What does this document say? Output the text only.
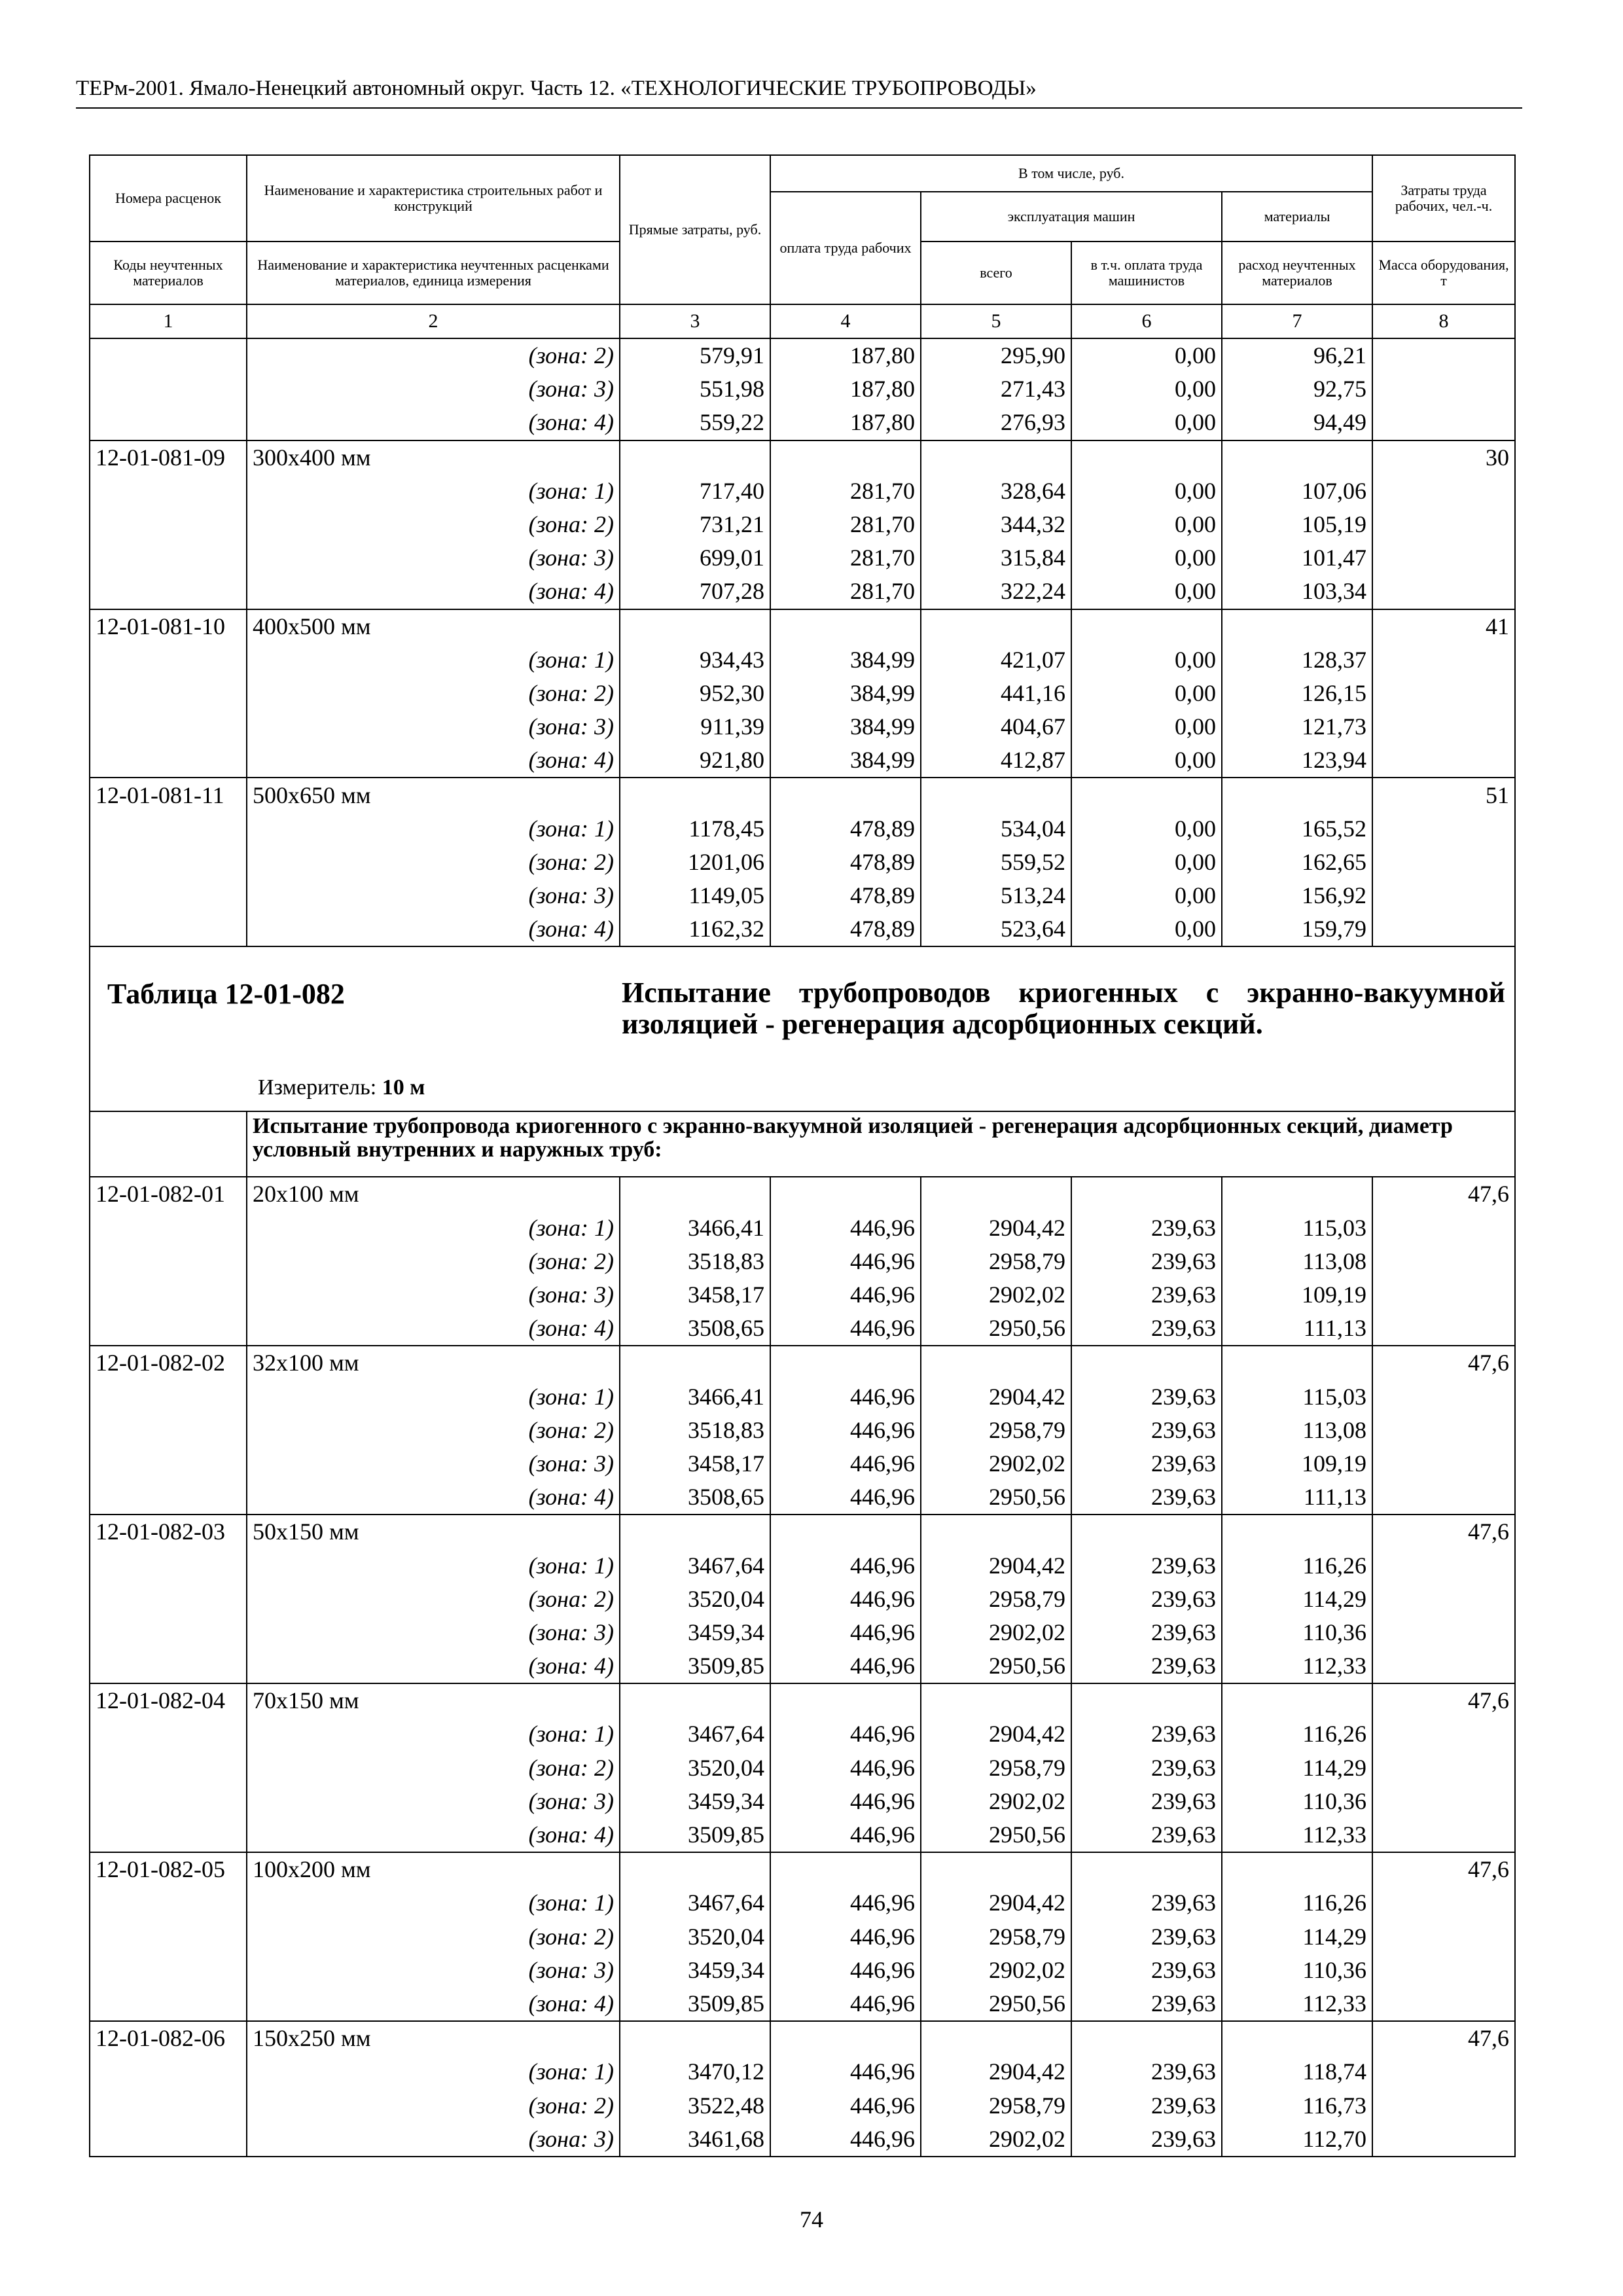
ТЕРм-2001. Ямало-Ненецкий автономный округ. Часть 12. «ТЕХНОЛОГИЧЕСКИЕ ТРУБОПРОВОДЫ»
Номера расценок	Наименование и характеристика строительных работ и конструкций	Прямые затраты, руб.	В том числе, руб.				Затраты труда рабочих, чел.-ч.
			оплата труда рабочих	эксплуатация машин		материалы	
Коды неучтенных материалов	Наименование и характеристика неучтенных расценками материалов, единица измерения			всего	в т.ч. оплата труда машинистов	расход неучтенных материалов	Масса оборудования, т
1	2	3	4	5	6	7	8
	(зона: 2)	579,91	187,80	295,90	0,00	96,21	
	(зона: 3)	551,98	187,80	271,43	0,00	92,75	
	(зона: 4)	559,22	187,80	276,93	0,00	94,49	
12-01-081-09	300x400 мм						30
	(зона: 1)	717,40	281,70	328,64	0,00	107,06	
	(зона: 2)	731,21	281,70	344,32	0,00	105,19	
	(зона: 3)	699,01	281,70	315,84	0,00	101,47	
	(зона: 4)	707,28	281,70	322,24	0,00	103,34	
12-01-081-10	400x500 мм						41
	(зона: 1)	934,43	384,99	421,07	0,00	128,37	
	(зона: 2)	952,30	384,99	441,16	0,00	126,15	
	(зона: 3)	911,39	384,99	404,67	0,00	121,73	
	(зона: 4)	921,80	384,99	412,87	0,00	123,94	
12-01-081-11	500x650 мм						51
	(зона: 1)	1178,45	478,89	534,04	0,00	165,52	
	(зона: 2)	1201,06	478,89	559,52	0,00	162,65	
	(зона: 3)	1149,05	478,89	513,24	0,00	156,92	
	(зона: 4)	1162,32	478,89	523,64	0,00	159,79	

Таблица 12-01-082 Испытание трубопроводов криогенных с экранно-вакуумной изоляцией - регенерация адсорбционных секций.
Измеритель: 10 м							

	Испытание трубопровода криогенного с экранно-вакуумной изоляцией - регенерация адсорбционных секций, диаметр условный внутренних и наружных труб:						
12-01-082-01	20x100 мм						47,6
	(зона: 1)	3466,41	446,96	2904,42	239,63	115,03	
	(зона: 2)	3518,83	446,96	2958,79	239,63	113,08	
	(зона: 3)	3458,17	446,96	2902,02	239,63	109,19	
	(зона: 4)	3508,65	446,96	2950,56	239,63	111,13	
12-01-082-02	32x100 мм						47,6
	(зона: 1)	3466,41	446,96	2904,42	239,63	115,03	
	(зона: 2)	3518,83	446,96	2958,79	239,63	113,08	
	(зона: 3)	3458,17	446,96	2902,02	239,63	109,19	
	(зона: 4)	3508,65	446,96	2950,56	239,63	111,13	
12-01-082-03	50x150 мм						47,6
	(зона: 1)	3467,64	446,96	2904,42	239,63	116,26	
	(зона: 2)	3520,04	446,96	2958,79	239,63	114,29	
	(зона: 3)	3459,34	446,96	2902,02	239,63	110,36	
	(зона: 4)	3509,85	446,96	2950,56	239,63	112,33	
12-01-082-04	70x150 мм						47,6
	(зона: 1)	3467,64	446,96	2904,42	239,63	116,26	
	(зона: 2)	3520,04	446,96	2958,79	239,63	114,29	
	(зона: 3)	3459,34	446,96	2902,02	239,63	110,36	
	(зона: 4)	3509,85	446,96	2950,56	239,63	112,33	
12-01-082-05	100x200 мм						47,6
	(зона: 1)	3467,64	446,96	2904,42	239,63	116,26	
	(зона: 2)	3520,04	446,96	2958,79	239,63	114,29	
	(зона: 3)	3459,34	446,96	2902,02	239,63	110,36	
	(зона: 4)	3509,85	446,96	2950,56	239,63	112,33	
12-01-082-06	150x250 мм						47,6
	(зона: 1)	3470,12	446,96	2904,42	239,63	118,74	
	(зона: 2)	3522,48	446,96	2958,79	239,63	116,73	
	(зона: 3)	3461,68	446,96	2902,02	239,63	112,70	
74
